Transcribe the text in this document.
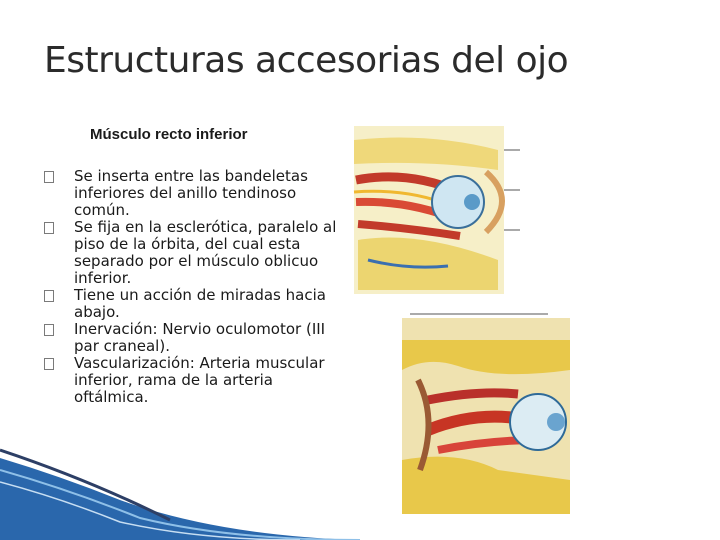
Estructuras accesorias del ojo
Músculo recto inferior
Se inserta entre las bandeletas inferiores del anillo tendinoso común.
Se fija en la esclerótica, paralelo al piso de la órbita, del cual esta separado por el músculo oblicuo inferior.
Tiene un acción de miradas hacia abajo.
Inervación: Nervio oculomotor (III par craneal).
Vascularización: Arteria muscular inferior, rama de la arteria oftálmica.
